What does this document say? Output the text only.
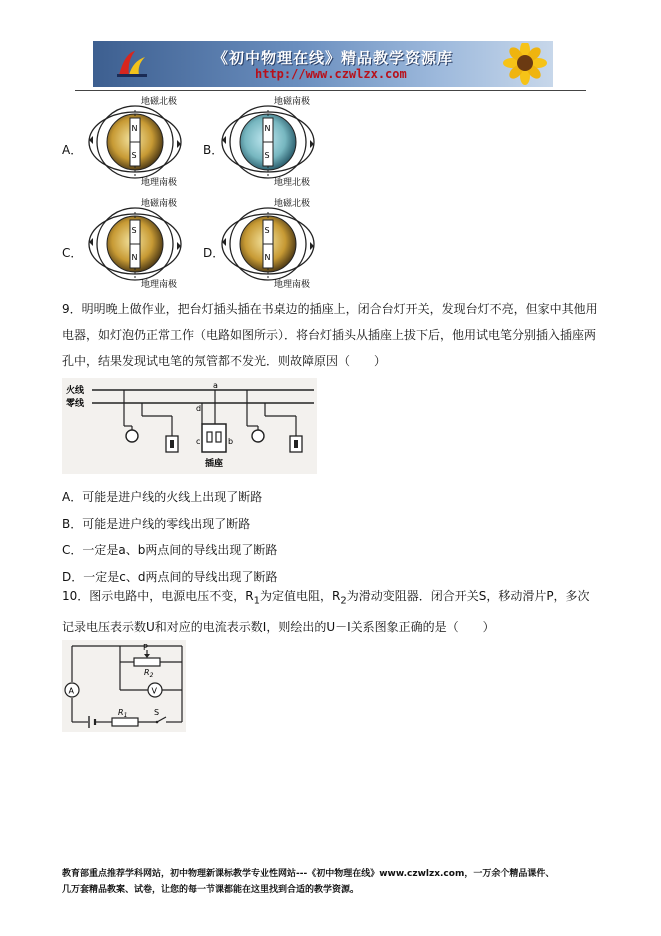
《初中物理在线》精品教学资源库
http://www.czwlzx.com
A．
地磁北极
地理南极
N
S	B．
地磁南极
地理北极
N
S
C．
地磁南极
地理南极
S
N	D．
地磁北极
地理南极
S
N
9．明明晚上做作业，把台灯插头插在书桌边的插座上，闭合台灯开关，发现台灯不亮，但家中其他用
电器，如灯泡仍正常工作（电路如图所示）．将台灯插头从插座上拔下后，他用试电笔分别插入插座两
孔中，结果发现试电笔的氖管都不发光．则故障原因（　　）
火线
零线
a
d
c	b
插座
A．可能是进户线的火线上出现了断路
B．可能是进户线的零线出现了断路
C．一定是a、b两点间的导线出现了断路
D．一定是c、d两点间的导线出现了断路
10．图示电路中，电源电压不变，$R_1$为定值电阻，$R_2$为滑动变阻器．闭合开关S，移动滑片P，多次
记录电压表示数U和对应的电流表示数I，则绘出的U－I关系图象正确的是（　　）
A
$R_1$	S
P
$R_2$
V
教育部重点推荐学科网站，初中物理新课标教学专业性网站---《初中物理在线》www.czwlzx.com，一万余个精品课件、
几万套精品教案、试卷，让您的每一节课都能在这里找到合适的教学资源。
